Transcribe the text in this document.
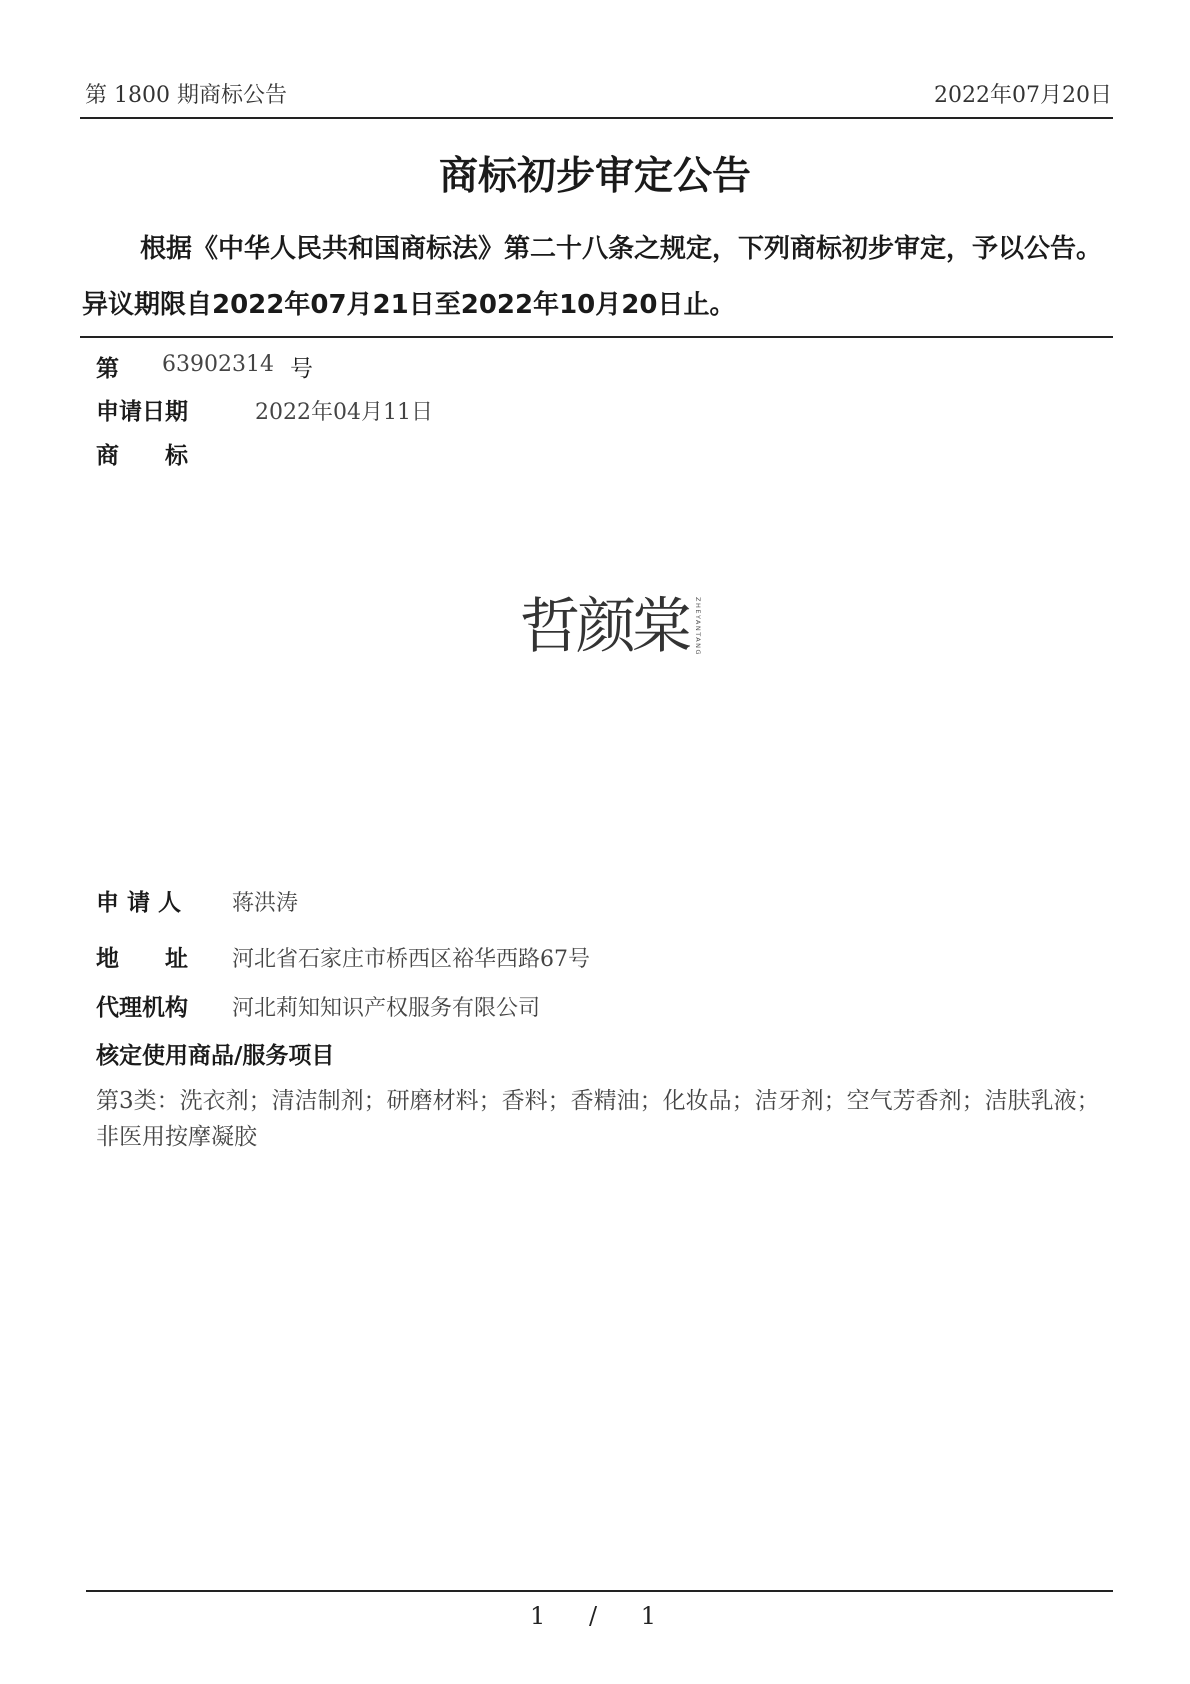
第 1800 期商标公告	2022年07月20日
商标初步审定公告
根据《中华人民共和国商标法》第二十八条之规定，下列商标初步审定，予以公告。异议期限自2022年07月21日至2022年10月20日止。
第 63902314 号
申请日期	2022年04月11日
商　　标
哲颜棠 ZHEYANTANG
申 请 人 蒋洪涛
地　　址 河北省石家庄市桥西区裕华西路67号
代理机构 河北莉知知识产权服务有限公司
核定使用商品/服务项目
第3类：洗衣剂；清洁制剂；研磨材料；香料；香精油；化妆品；洁牙剂；空气芳香剂；洁肤乳液；非医用按摩凝胶
1 / 1
